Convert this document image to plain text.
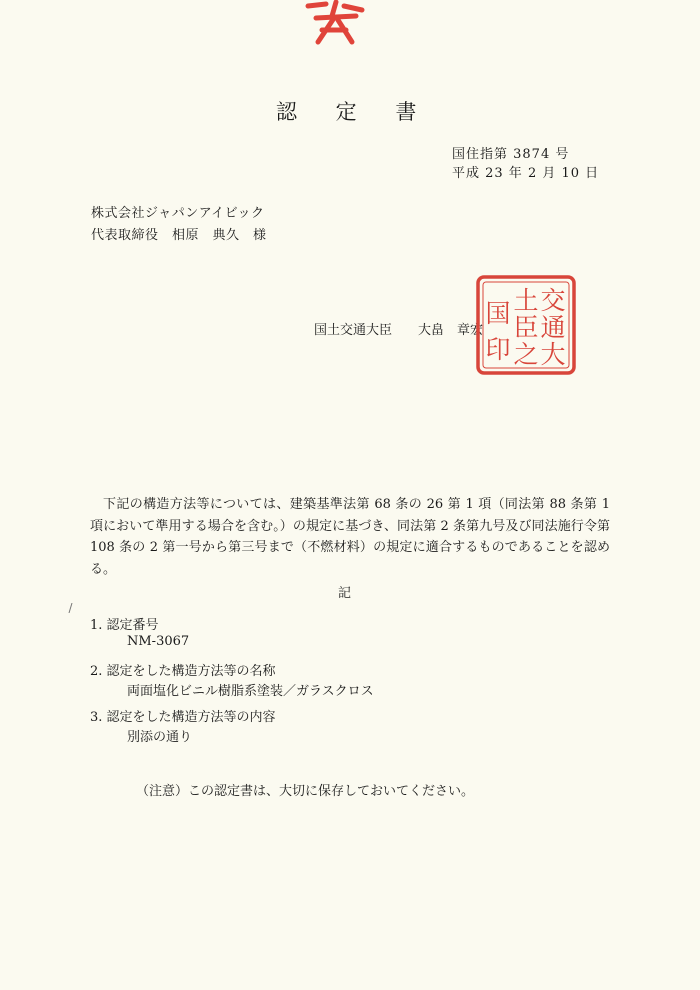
認 定 書
国住指第 3874 号
平成 23 年 2 月 10 日
株式会社ジャパンアイビック
代表取締役　相原　典久　様
国土交通大臣　　大畠　章宏
交
通
大
土
臣
之
国
印
下記の構造方法等については、建築基準法第 68 条の 26 第 1 項（同法第 88 条第 1 項において準用する場合を含む。）の規定に基づき、同法第 2 条第九号及び同法施行令第 108 条の 2 第一号から第三号まで（不燃材料）の規定に適合するものであることを認める。
記
1. 認定番号
NM-3067
2. 認定をした構造方法等の名称
両面塩化ビニル樹脂系塗装／ガラスクロス
3. 認定をした構造方法等の内容
別添の通り
（注意）この認定書は、大切に保存しておいてください。
